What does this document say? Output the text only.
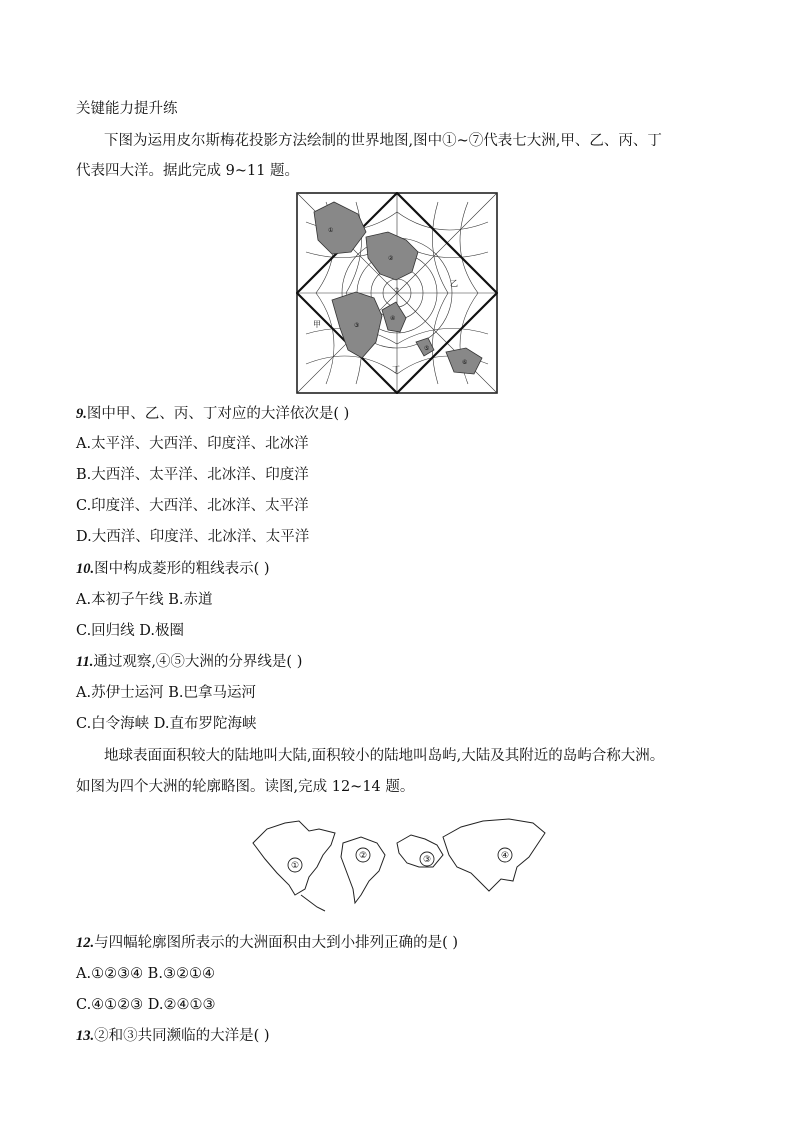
关键能力提升练
下图为运用皮尔斯梅花投影方法绘制的世界地图,图中①~⑦代表七大洲,甲、乙、丙、丁
代表四大洋。据此完成 9~11 题。
甲
乙
丁
①
②
③
④
⑤
⑥
⑦
9.图中甲、乙、丙、丁对应的大洋依次是( )
A.太平洋、大西洋、印度洋、北冰洋
B.大西洋、太平洋、北冰洋、印度洋
C.印度洋、大西洋、北冰洋、太平洋
D.大西洋、印度洋、北冰洋、太平洋
10.图中构成菱形的粗线表示( )
A.本初子午线 B.赤道
C.回归线 D.极圈
11.通过观察,④⑤大洲的分界线是( )
A.苏伊士运河 B.巴拿马运河
C.白令海峡 D.直布罗陀海峡
地球表面面积较大的陆地叫大陆,面积较小的陆地叫岛屿,大陆及其附近的岛屿合称大洲。
如图为四个大洲的轮廓略图。读图,完成 12~14 题。
①
②	③	④
12.与四幅轮廓图所表示的大洲面积由大到小排列正确的是( )
A.①②③④ B.③②①④
C.④①②③ D.②④①③
13.②和③共同濒临的大洋是( )
